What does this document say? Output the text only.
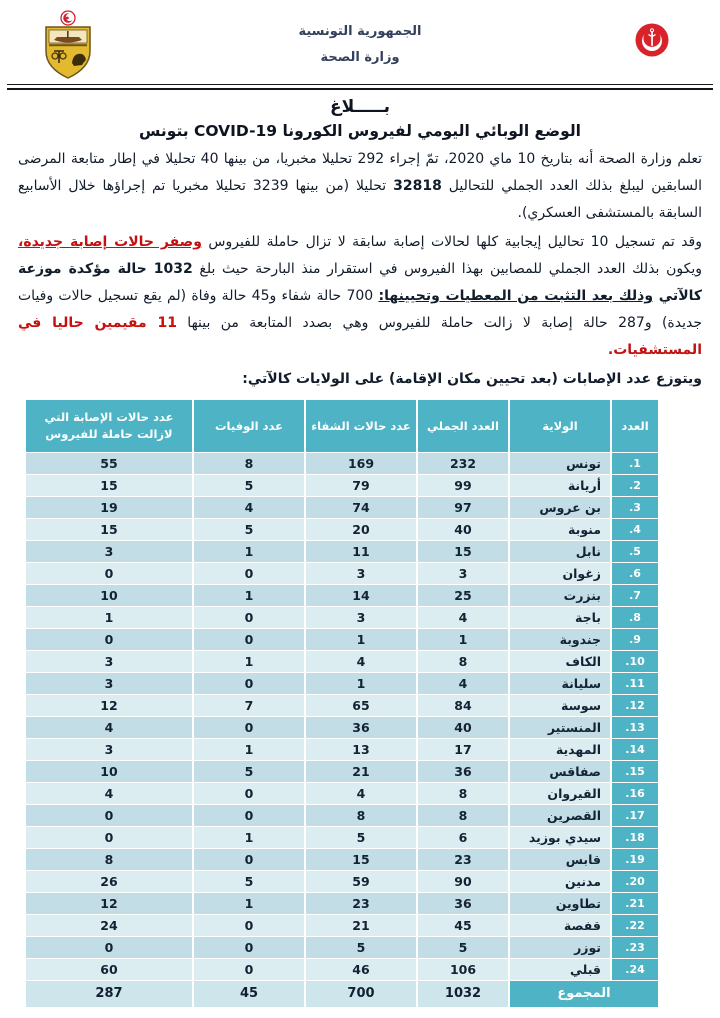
الجمهورية التونسية
وزارة الصحة
بـــــلاغ
الوضع الوبائي اليومي لفيروس الكورونا COVID-19 بتونس

تعلم وزارة الصحة أنه بتاريخ 10 ماي 2020، تمّ إجراء 292 تحليلا مخبريا، من بينها 40 تحليلا في إطار متابعة المرضى السابقين ليبلغ بذلك العدد الجملي للتحاليل 32818 تحليلا (من بينها 3239 تحليلا مخبريا تم إجراؤها خلال الأسابيع السابقة بالمستشفى العسكري).

وقد تم تسجيل 10 تحاليل إيجابية كلها لحالات إصابة سابقة لا تزال حاملة للفيروس وصفر حالات إصابة جديدة، ويكون بذلك العدد الجملي للمصابين بهذا الفيروس في استقرار منذ البارحة حيث بلغ 1032 حالة مؤكدة موزعة كالآتي وذلك بعد التثبت من المعطيات وتحيينها: 700 حالة شفاء و45 حالة وفاة (لم يقع تسجيل حالات وفيات جديدة) و287 حالة إصابة لا زالت حاملة للفيروس وهي بصدد المتابعة من بينها 11 مقيمين حاليا في المستشفيات.

ويتوزع عدد الإصابات (بعد تحيين مكان الإقامة) على الولايات كالآتي:

العدد	الولاية	العدد الجملي	عدد حالات الشفاء	عدد الوفيات	عدد حالات الإصابة التي لازالت حاملة للفيروس
1.	تونس	232	169	8	55
2.	أريانة	99	79	5	15
3.	بن عروس	97	74	4	19
4.	منوبة	40	20	5	15
5.	نابل	15	11	1	3
6.	زغوان	3	3	0	0
7.	بنزرت	25	14	1	10
8.	باجة	4	3	0	1
9.	جندوبة	1	1	0	0
10.	الكاف	8	4	1	3
11.	سليانة	4	1	0	3
12.	سوسة	84	65	7	12
13.	المنستير	40	36	0	4
14.	المهدية	17	13	1	3
15.	صفاقس	36	21	5	10
16.	القيروان	8	4	0	4
17.	القصرين	8	8	0	0
18.	سيدي بوزيد	6	5	1	0
19.	قابس	23	15	0	8
20.	مدنين	90	59	5	26
21.	تطاوين	36	23	1	12
22.	قفصة	45	21	0	24
23.	توزر	5	5	0	0
24.	قبلي	106	46	0	60
المجموع		1032	700	45	287
